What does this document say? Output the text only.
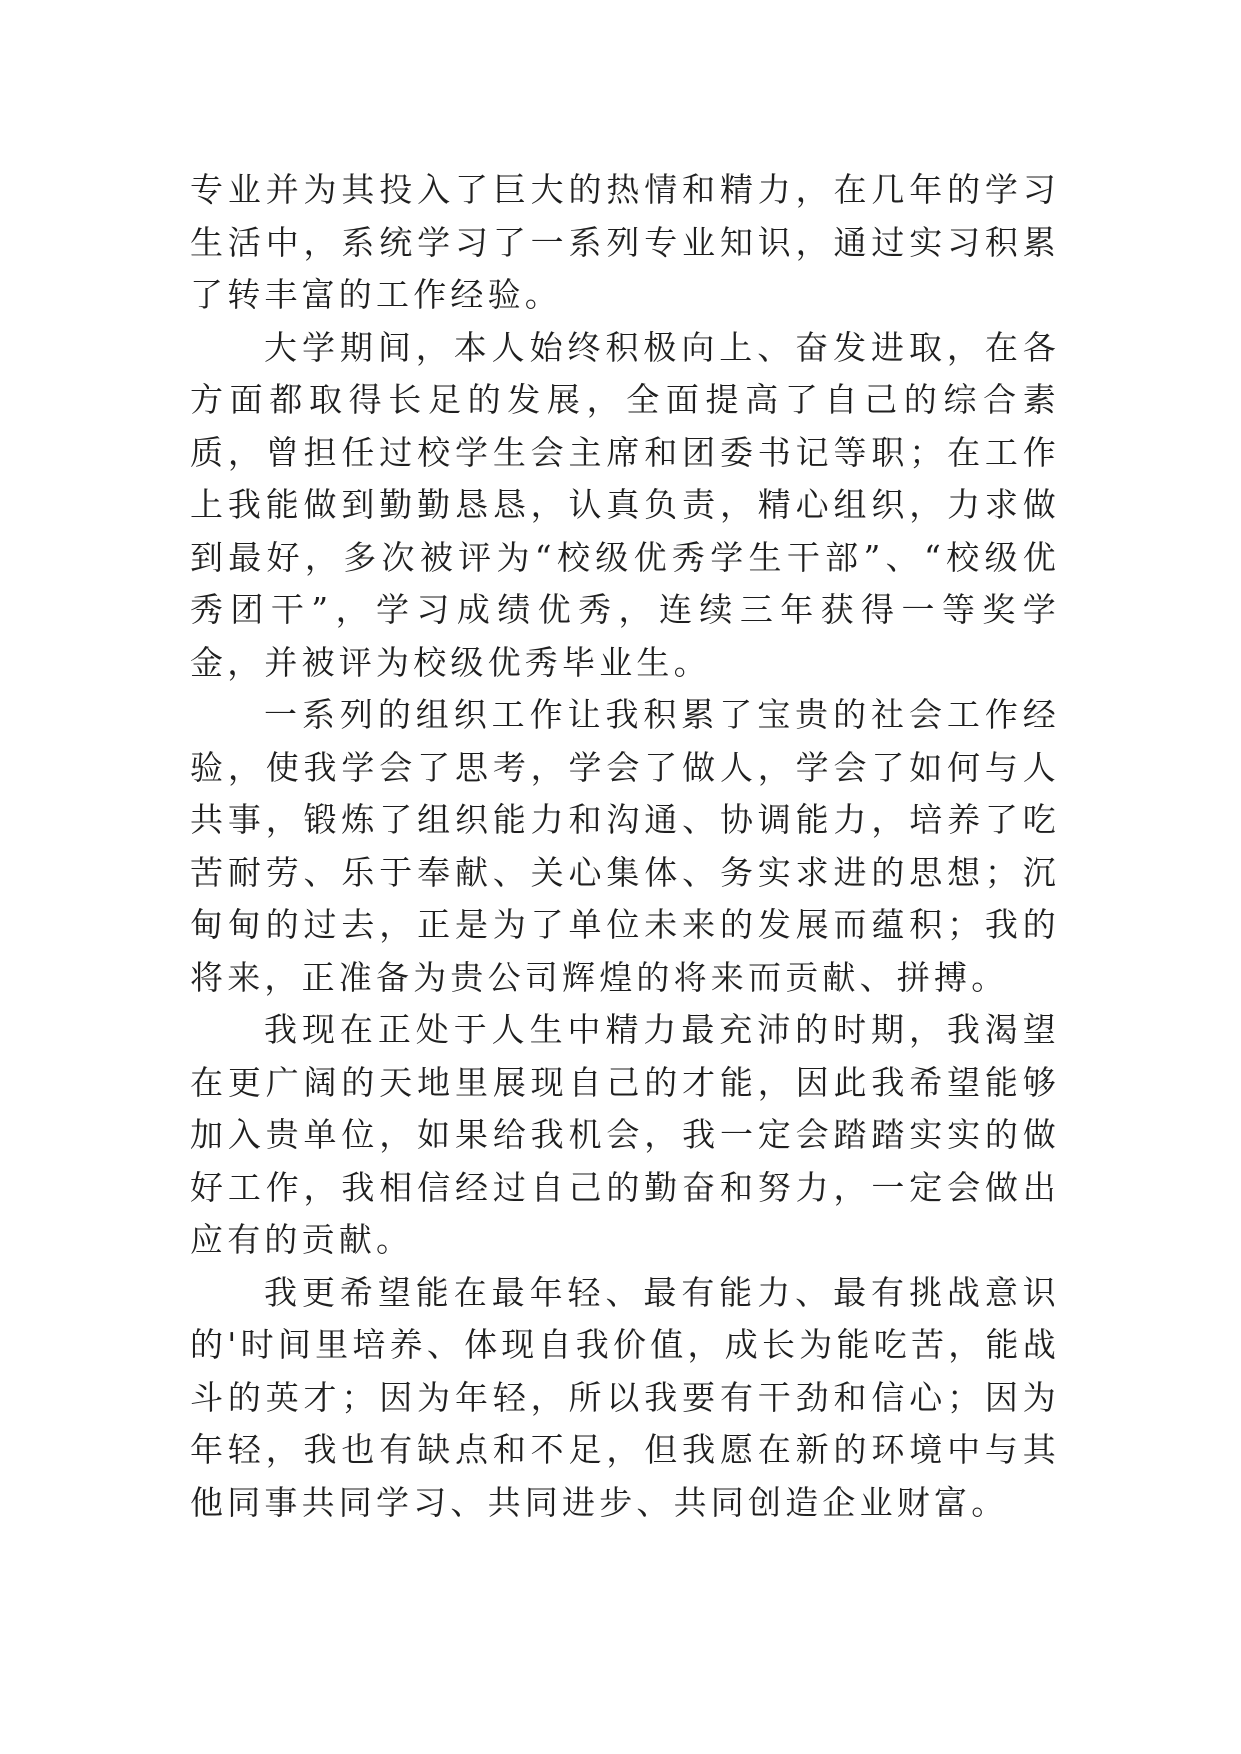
专业并为其投入了巨大的热情和精力，在几年的学习生活中，系统学习了一系列专业知识，通过实习积累了转丰富的工作经验。

大学期间，本人始终积极向上、奋发进取，在各方面都取得长足的发展，全面提高了自己的综合素质，曾担任过校学生会主席和团委书记等职；在工作上我能做到勤勤恳恳，认真负责，精心组织，力求做到最好，多次被评为“校级优秀学生干部”、“校级优秀团干”，学习成绩优秀，连续三年获得一等奖学金，并被评为校级优秀毕业生。

一系列的组织工作让我积累了宝贵的社会工作经验，使我学会了思考，学会了做人，学会了如何与人共事，锻炼了组织能力和沟通、协调能力，培养了吃苦耐劳、乐于奉献、关心集体、务实求进的思想；沉甸甸的过去，正是为了单位未来的发展而蕴积；我的将来，正准备为贵公司辉煌的将来而贡献、拼搏。

我现在正处于人生中精力最充沛的时期，我渴望在更广阔的天地里展现自己的才能，因此我希望能够加入贵单位，如果给我机会，我一定会踏踏实实的做好工作，我相信经过自己的勤奋和努力，一定会做出应有的贡献。

我更希望能在最年轻、最有能力、最有挑战意识的'时间里培养、体现自我价值，成长为能吃苦，能战斗的英才；因为年轻，所以我要有干劲和信心；因为年轻，我也有缺点和不足，但我愿在新的环境中与其他同事共同学习、共同进步、共同创造企业财富。
